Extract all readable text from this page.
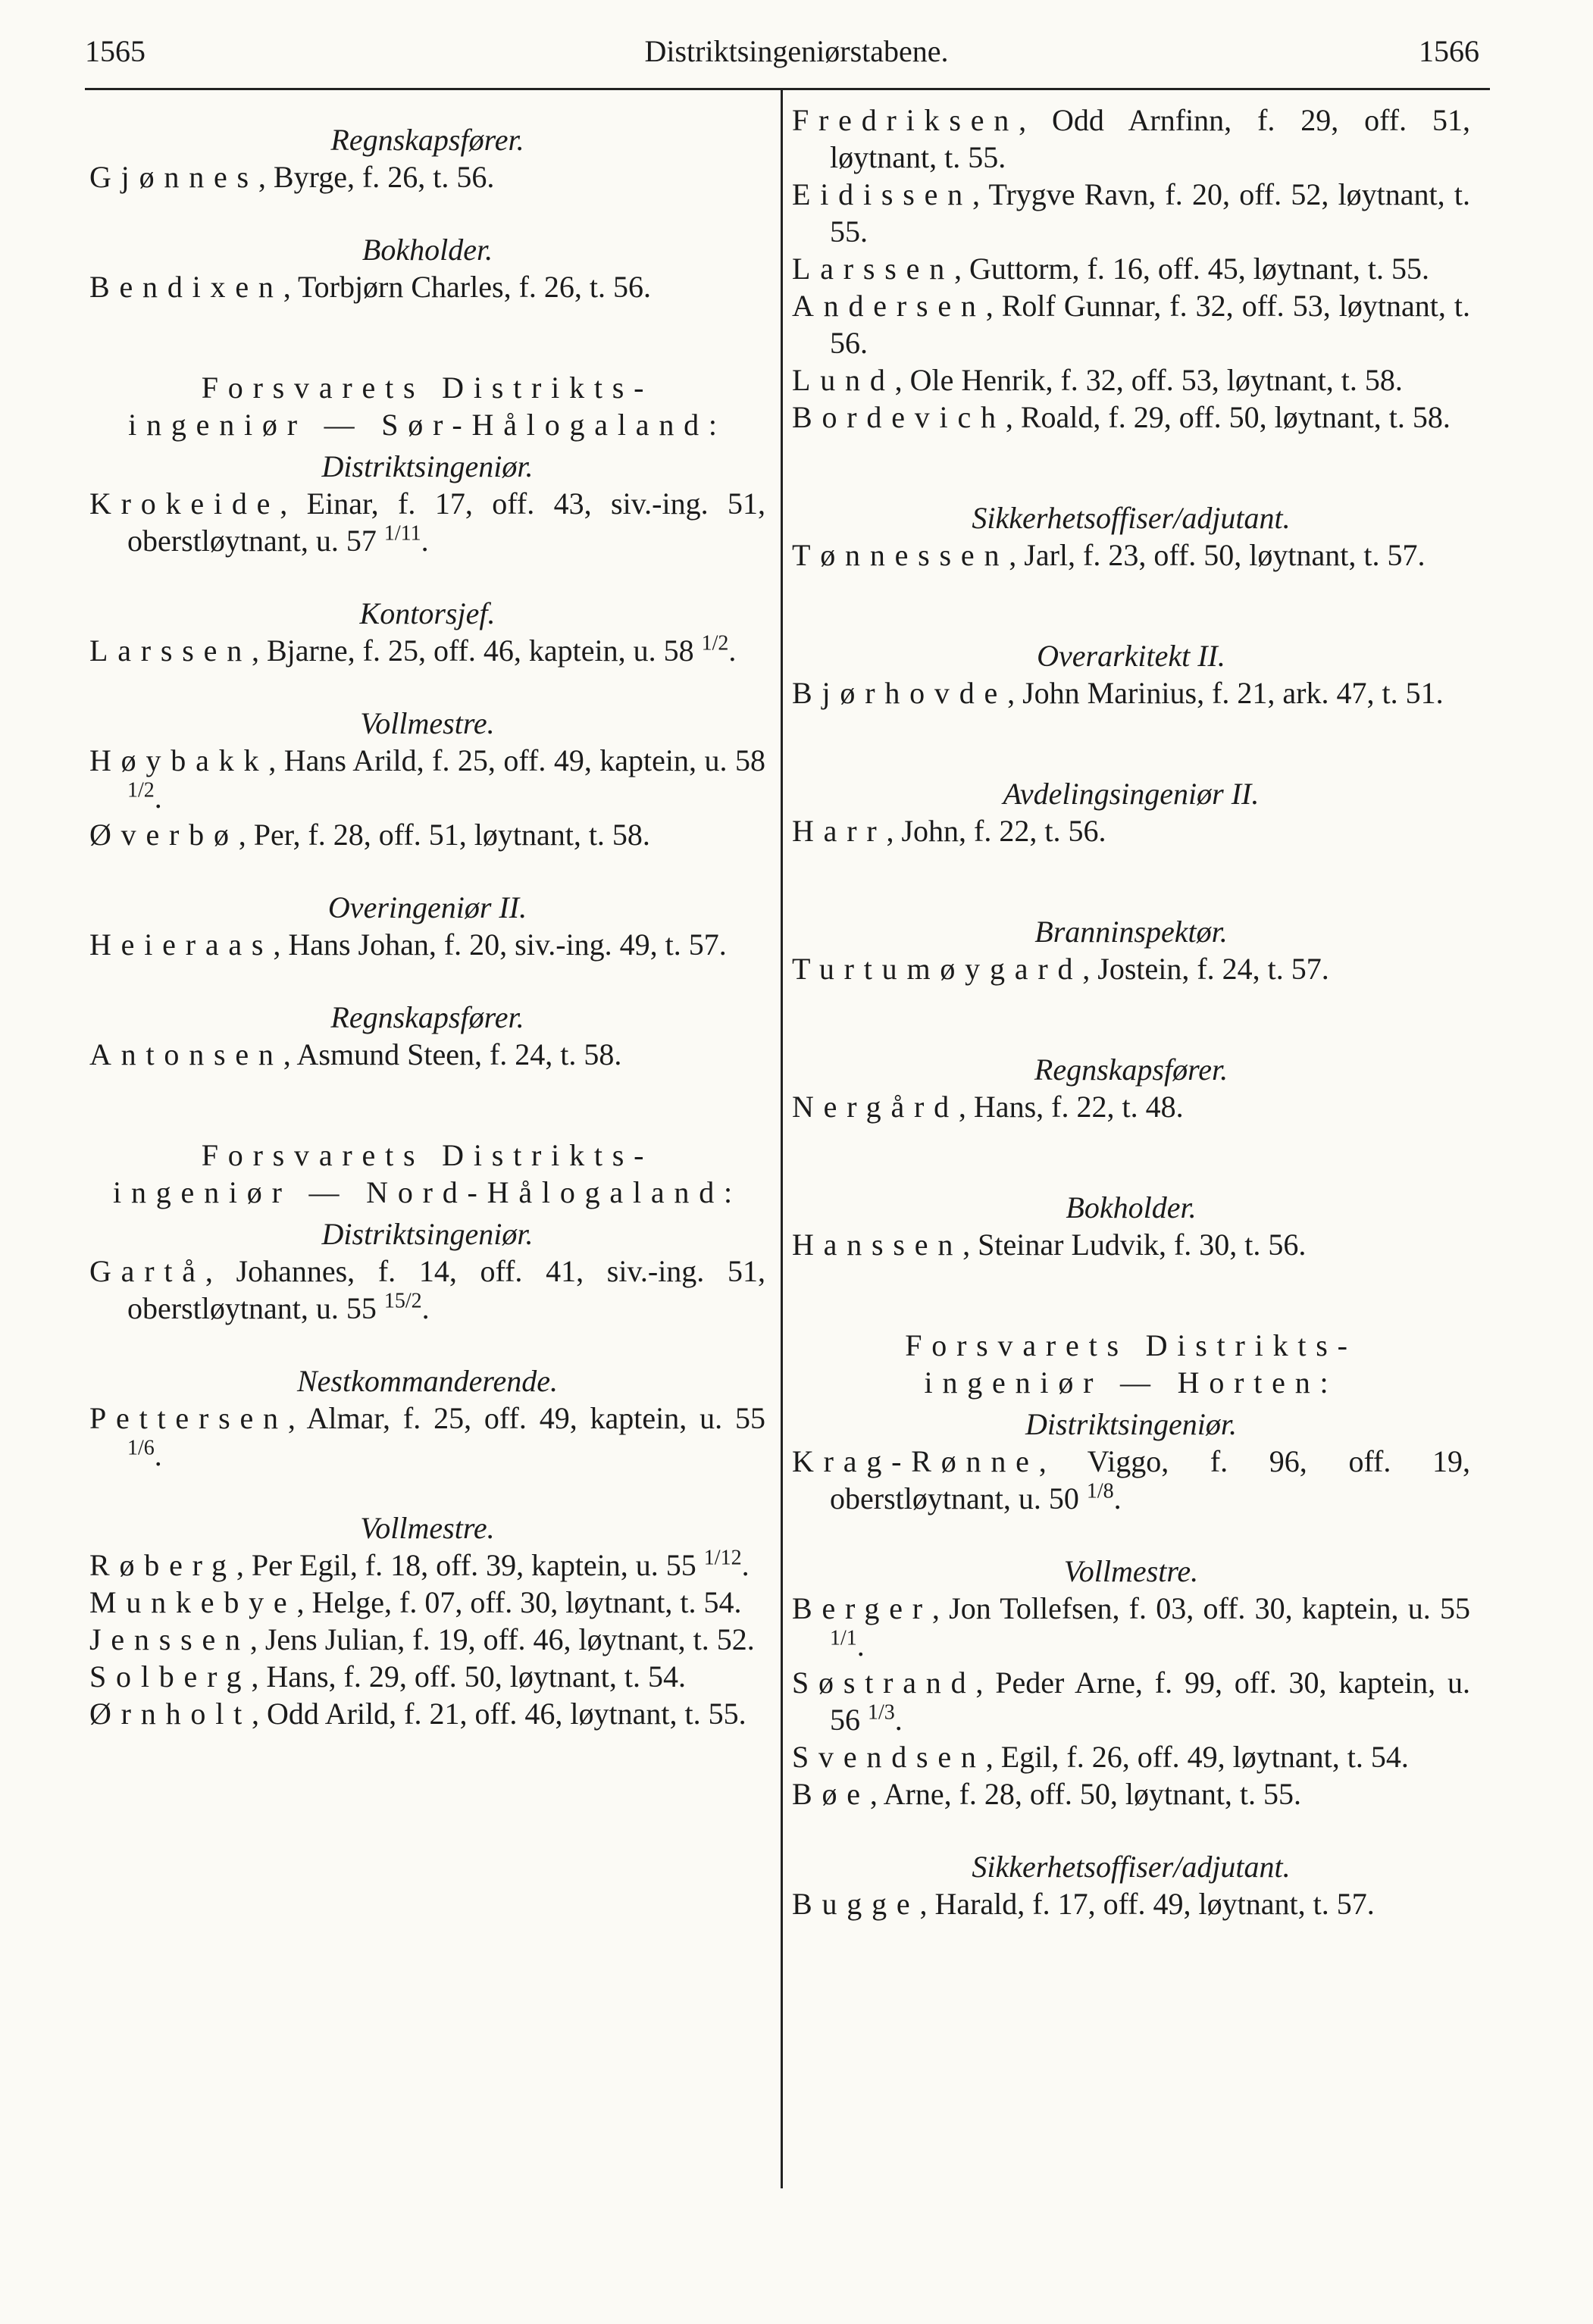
1565	Distriktsingeniørstabene.	1566
Regnskapsfører.
Gjønnes, Byrge, f. 26, t. 56.
Bokholder.
Bendixen, Torbjørn Charles, f. 26, t. 56.
Forsvarets Distrikts-
ingeniør — Sør-Hålogaland:
Distriktsingeniør.
Krokeide, Einar, f. 17, off. 43, siv.-ing. 51, oberstløytnant, u. 57 $^{1/11}$.
Kontorsjef.
Larssen, Bjarne, f. 25, off. 46, kaptein, u. 58 $^{1/2}$.
Vollmestre.
Høybakk, Hans Arild, f. 25, off. 49, kaptein, u. 58 $^{1/2}$.
Øverbø, Per, f. 28, off. 51, løytnant, t. 58.
Overingeniør II.
Heieraas, Hans Johan, f. 20, siv.-ing. 49, t. 57.
Regnskapsfører.
Antonsen, Asmund Steen, f. 24, t. 58.
Forsvarets Distrikts-
ingeniør — Nord-Hålogaland:
Distriktsingeniør.
Gartå, Johannes, f. 14, off. 41, siv.-ing. 51, oberstløytnant, u. 55 $^{15/2}$.
Nestkommanderende.
Pettersen, Almar, f. 25, off. 49, kaptein, u. 55 $^{1/6}$.
Vollmestre.
Røberg, Per Egil, f. 18, off. 39, kaptein, u. 55 $^{1/12}$.
Munkebye, Helge, f. 07, off. 30, løytnant, t. 54.
Jenssen, Jens Julian, f. 19, off. 46, løytnant, t. 52.
Solberg, Hans, f. 29, off. 50, løytnant, t. 54.
Ørnholt, Odd Arild, f. 21, off. 46, løytnant, t. 55.
Fredriksen, Odd Arnfinn, f. 29, off. 51, løytnant, t. 55.
Eidissen, Trygve Ravn, f. 20, off. 52, løytnant, t. 55.
Larssen, Guttorm, f. 16, off. 45, løytnant, t. 55.
Andersen, Rolf Gunnar, f. 32, off. 53, løytnant, t. 56.
Lund, Ole Henrik, f. 32, off. 53, løytnant, t. 58.
Bordevich, Roald, f. 29, off. 50, løytnant, t. 58.
Sikkerhetsoffiser/adjutant.
Tønnessen, Jarl, f. 23, off. 50, løytnant, t. 57.
Overarkitekt II.
Bjørhovde, John Marinius, f. 21, ark. 47, t. 51.
Avdelingsingeniør II.
Harr, John, f. 22, t. 56.
Branninspektør.
Turtumøygard, Jostein, f. 24, t. 57.
Regnskapsfører.
Nergård, Hans, f. 22, t. 48.
Bokholder.
Hanssen, Steinar Ludvik, f. 30, t. 56.
Forsvarets Distrikts-
ingeniør — Horten:
Distriktsingeniør.
Krag-Rønne, Viggo, f. 96, off. 19, oberstløytnant, u. 50 $^{1/8}$.
Vollmestre.
Berger, Jon Tollefsen, f. 03, off. 30, kaptein, u. 55 $^{1/1}$.
Søstrand, Peder Arne, f. 99, off. 30, kaptein, u. 56 $^{1/3}$.
Svendsen, Egil, f. 26, off. 49, løytnant, t. 54.
Bøe, Arne, f. 28, off. 50, løytnant, t. 55.
Sikkerhetsoffiser/adjutant.
Bugge, Harald, f. 17, off. 49, løytnant, t. 57.
